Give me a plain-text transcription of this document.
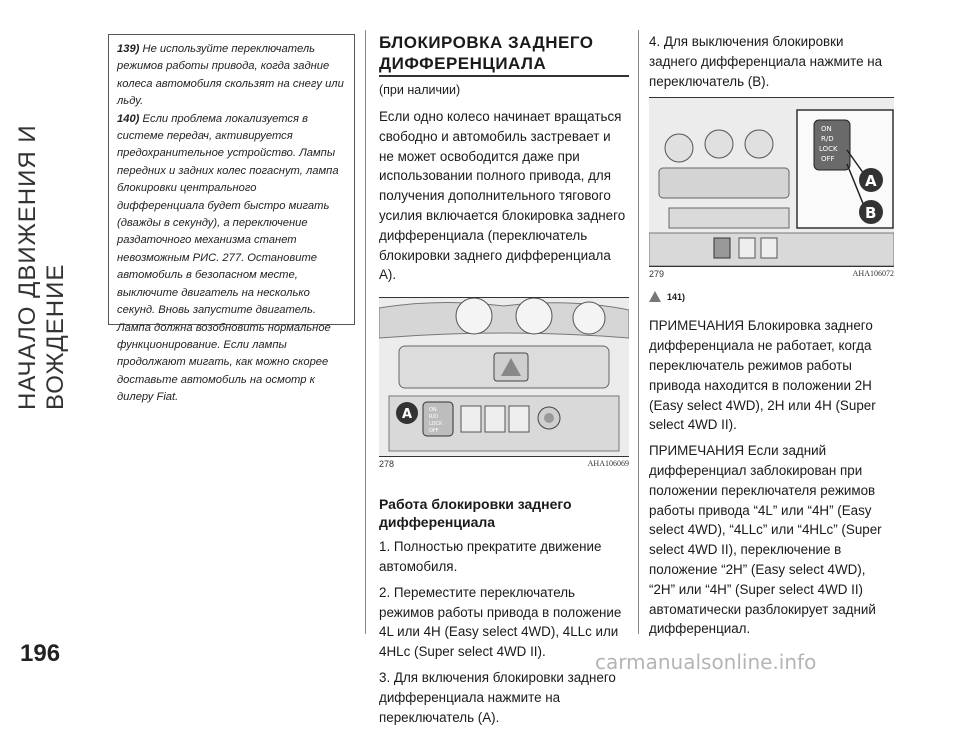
НАЧАЛО ДВИЖЕНИЯ И ВОЖДЕНИЕ
196

139) Не используйте переключатель режимов работы привода, когда задние колеса автомобиля скользят на снегу или льду.

140) Если проблема локализуется в системе передач, активируется предохранительное устройство. Лампы передних и задних колес погаснут, лампа блокировки центрального дифференциала будет быстро мигать (дважды в секунду), а переключение раздаточного механизма станет невозможным РИС. 277. Остановите автомобиль в безопасном месте, выключите двигатель на несколько секунд. Вновь запустите двигатель. Лампа должна возобновить нормальное функционирование. Если лампы продолжают мигать, как можно скорее доставьте автомобиль на осмотр к дилеру Fiat.

БЛОКИРОВКА ЗАДНЕГО ДИФФЕРЕНЦИАЛА

(при наличии)

Если одно колесо начинает вращаться свободно и автомобиль застревает и не может освободится даже при использовании полного привода, для получения дополнительного тягового усилия включается блокировка заднего дифференциала (переключатель блокировки заднего дифференциала A).

ON
R/D
LOCK
OFF
A
278	AHA106069
Работа блокировки заднего дифференциала

1. Полностью прекратите движение автомобиля.

2. Переместите переключатель режимов работы привода в положение 4L или 4H (Easy select 4WD), 4LLc или 4HLc (Super select 4WD II).

3. Для включения блокировки заднего дифференциала нажмите на переключатель (A).

4. Для выключения блокировки заднего дифференциала нажмите на переключатель (B).

ON
R/D
LOCK
OFF
A
B
279	AHA106072
141)

ПРИМЕЧАНИЯ Блокировка заднего дифференциала не работает, когда переключатель режимов работы привода находится в положении 2H (Easy select 4WD), 2H или 4H (Super select 4WD II).

ПРИМЕЧАНИЯ Если задний дифференциал заблокирован при положении переключателя режимов работы привода “4L” или “4H” (Easy select 4WD), “4LLc” или “4HLc” (Super select 4WD II), переключение в положение “2H” (Easy select 4WD), “2H” или “4H” (Super select 4WD II) автоматически разблокирует задний дифференциал.

carmanualsonline.info
